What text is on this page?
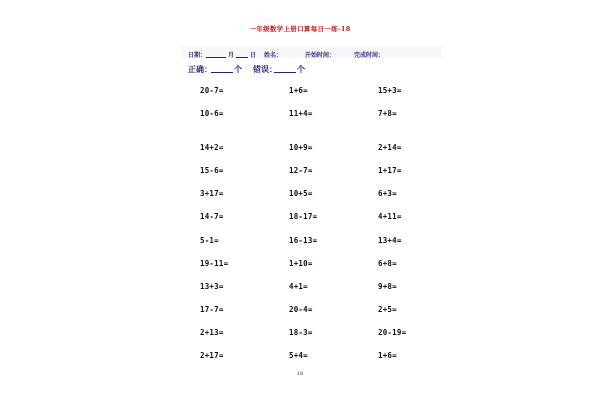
一年级数学上册口算每日一练-18
日期：	月	日 姓名：	开始时间：	完成时间：
正确：	个 错误：	个
20-7=	1+6=	15+3=
10-6=	11+4=	7+8=
14+2=	10+9=	2+14=
15-6=	12-7=	1+17=
3+17=	10+5=	6+3=
14-7=	18-17=	4+11=
5-1=	16-13=	13+4=
19-11=	1+10=	6+8=
13+3=	4+1=	9+8=
17-7=	20-4=	2+5=
2+13=	18-3=	20-19=
2+17=	5+4=	1+6=
18
